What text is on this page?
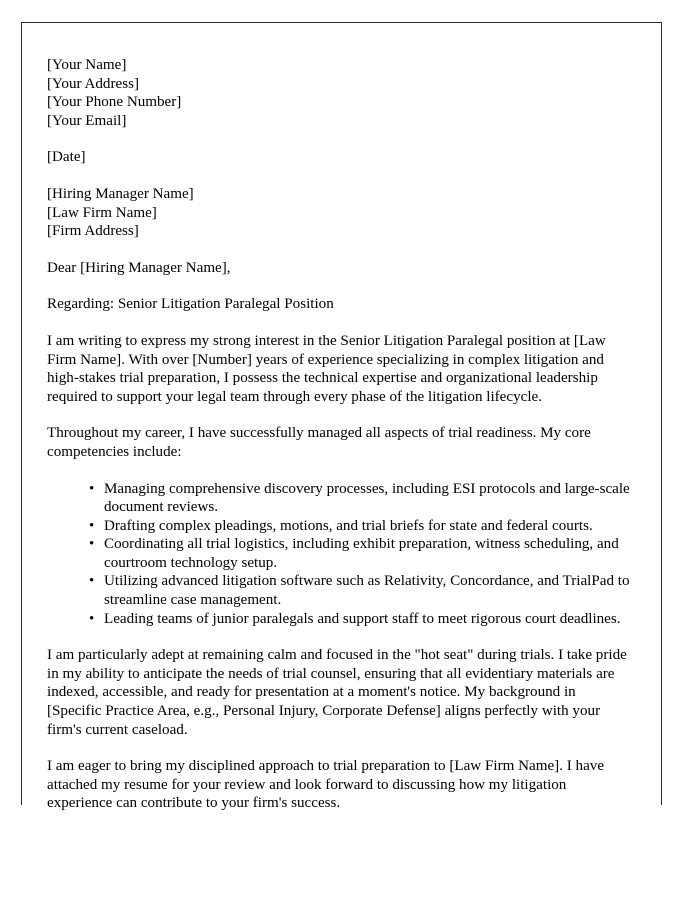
[Your Name]
[Your Address]
[Your Phone Number]
[Your Email]
[Date]
[Hiring Manager Name]
[Law Firm Name]
[Firm Address]
Dear [Hiring Manager Name],
Regarding: Senior Litigation Paralegal Position

I am writing to express my strong interest in the Senior Litigation Paralegal position at [Law Firm Name]. With over [Number] years of experience specializing in complex litigation and high-stakes trial preparation, I possess the technical expertise and organizational leadership required to support your legal team through every phase of the litigation lifecycle.

Throughout my career, I have successfully managed all aspects of trial readiness. My core competencies include:

• Managing comprehensive discovery processes, including ESI protocols and large-scale document reviews.
• Drafting complex pleadings, motions, and trial briefs for state and federal courts.
• Coordinating all trial logistics, including exhibit preparation, witness scheduling, and courtroom technology setup.
• Utilizing advanced litigation software such as Relativity, Concordance, and TrialPad to streamline case management.
• Leading teams of junior paralegals and support staff to meet rigorous court deadlines.

I am particularly adept at remaining calm and focused in the "hot seat" during trials. I take pride in my ability to anticipate the needs of trial counsel, ensuring that all evidentiary materials are indexed, accessible, and ready for presentation at a moment's notice. My background in [Specific Practice Area, e.g., Personal Injury, Corporate Defense] aligns perfectly with your firm's current caseload.

I am eager to bring my disciplined approach to trial preparation to [Law Firm Name]. I have attached my resume for your review and look forward to discussing how my litigation experience can contribute to your firm's success.
